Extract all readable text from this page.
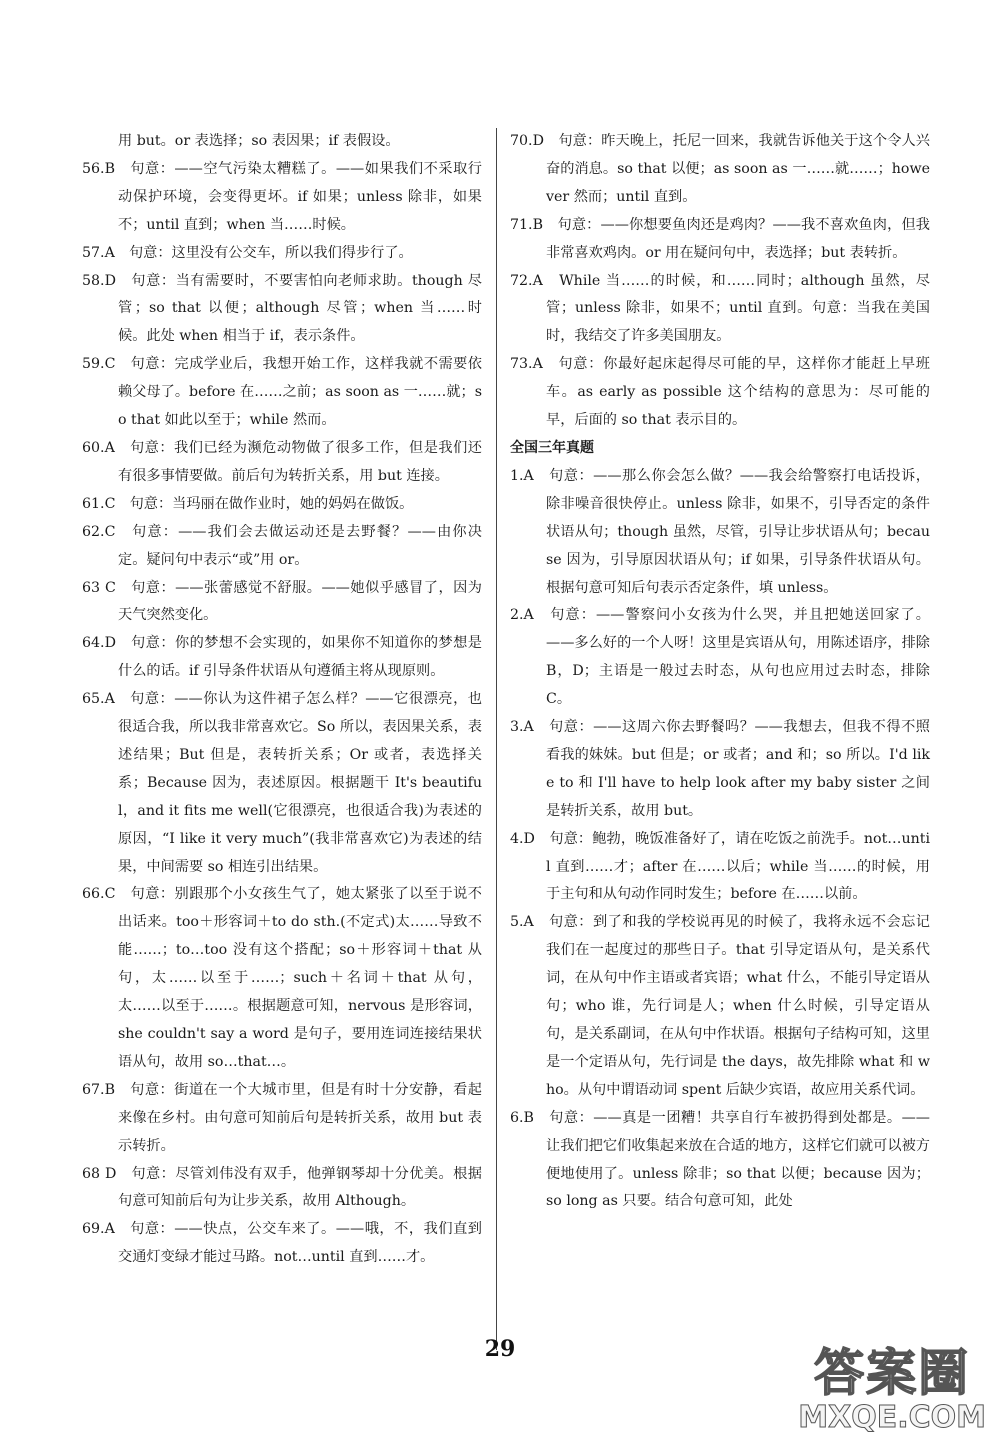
用 but。or 表选择；so 表因果；if 表假设。

56.B　句意：——空气污染太糟糕了。——如果我们不采取行动保护环境，会变得更坏。if 如果；unless 除非，如果不；until 直到；when 当……时候。

57.A　句意：这里没有公交车，所以我们得步行了。

58.D　句意：当有需要时，不要害怕向老师求助。though 尽管；so that 以便；although 尽管；when 当……时候。此处 when 相当于 if，表示条件。

59.C　句意：完成学业后，我想开始工作，这样我就不需要依赖父母了。before 在……之前；as soon as 一……就；so that 如此以至于；while 然而。

60.A　句意：我们已经为濒危动物做了很多工作，但是我们还有很多事情要做。前后句为转折关系，用 but 连接。

61.C　句意：当玛丽在做作业时，她的妈妈在做饭。

62.C　句意：——我们会去做运动还是去野餐？——由你决定。疑问句中表示“或”用 or。

63 C　句意：——张蕾感觉不舒服。——她似乎感冒了，因为天气突然变化。

64.D　句意：你的梦想不会实现的，如果你不知道你的梦想是什么的话。if 引导条件状语从句遵循主将从现原则。

65.A　句意：——你认为这件裙子怎么样？——它很漂亮，也很适合我，所以我非常喜欢它。So 所以，表因果关系，表述结果；But 但是，表转折关系；Or 或者，表选择关系；Because 因为，表述原因。根据题干 It's beautiful，and it fits me well(它很漂亮，也很适合我)为表述的原因，“I like it very much”(我非常喜欢它)为表述的结果，中间需要 so 相连引出结果。

66.C　句意：别跟那个小女孩生气了，她太紧张了以至于说不出话来。too＋形容词＋to do sth.(不定式)太……导致不能……；to…too 没有这个搭配；so＋形容词＋that 从句，太……以至于……；such＋名词＋that 从句，太……以至于……。根据题意可知，nervous 是形容词，she couldn't say a word 是句子，要用连词连接结果状语从句，故用 so…that…。

67.B　句意：街道在一个大城市里，但是有时十分安静，看起来像在乡村。由句意可知前后句是转折关系，故用 but 表示转折。

68 D　句意：尽管刘伟没有双手，他弹钢琴却十分优美。根据句意可知前后句为让步关系，故用 Although。

69.A　句意：——快点，公交车来了。——哦，不，我们直到交通灯变绿才能过马路。not…until 直到……才。

70.D　句意：昨天晚上，托尼一回来，我就告诉他关于这个令人兴奋的消息。so that 以便；as soon as 一……就……；however 然而；until 直到。

71.B　句意：——你想要鱼肉还是鸡肉？——我不喜欢鱼肉，但我非常喜欢鸡肉。or 用在疑问句中，表选择；but 表转折。

72.A　While 当……的时候，和……同时；although 虽然，尽管；unless 除非，如果不；until 直到。句意：当我在美国时，我结交了许多美国朋友。

73.A　句意：你最好起床起得尽可能的早，这样你才能赶上早班车。as early as possible 这个结构的意思为：尽可能的早，后面的 so that 表示目的。

全国三年真题

1.A　句意：——那么你会怎么做？——我会给警察打电话投诉，除非噪音很快停止。unless 除非，如果不，引导否定的条件状语从句；though 虽然，尽管，引导让步状语从句；because 因为，引导原因状语从句；if 如果，引导条件状语从句。根据句意可知后句表示否定条件，填 unless。

2.A　句意：——警察问小女孩为什么哭，并且把她送回家了。——多么好的一个人呀！这里是宾语从句，用陈述语序，排除 B，D；主语是一般过去时态，从句也应用过去时态，排除 C。

3.A　句意：——这周六你去野餐吗？——我想去，但我不得不照看我的妹妹。but 但是；or 或者；and 和；so 所以。I'd like to 和 I'll have to help look after my baby sister 之间是转折关系，故用 but。

4.D　句意：鲍勃，晚饭准备好了，请在吃饭之前洗手。not…until 直到……才；after 在……以后；while 当……的时候，用于主句和从句动作同时发生；before 在……以前。

5.A　句意：到了和我的学校说再见的时候了，我将永远不会忘记我们在一起度过的那些日子。that 引导定语从句，是关系代词，在从句中作主语或者宾语；what 什么，不能引导定语从句；who 谁，先行词是人；when 什么时候，引导定语从句，是关系副词，在从句中作状语。根据句子结构可知，这里是一个定语从句，先行词是 the days，故先排除 what 和 who。从句中谓语动词 spent 后缺少宾语，故应用关系代词。

6.B　句意：——真是一团糟！共享自行车被扔得到处都是。——让我们把它们收集起来放在合适的地方，这样它们就可以被方便地使用了。unless 除非；so that 以便；because 因为；so long as 只要。结合句意可知，此处

29	答案圈
MXQE.COM
